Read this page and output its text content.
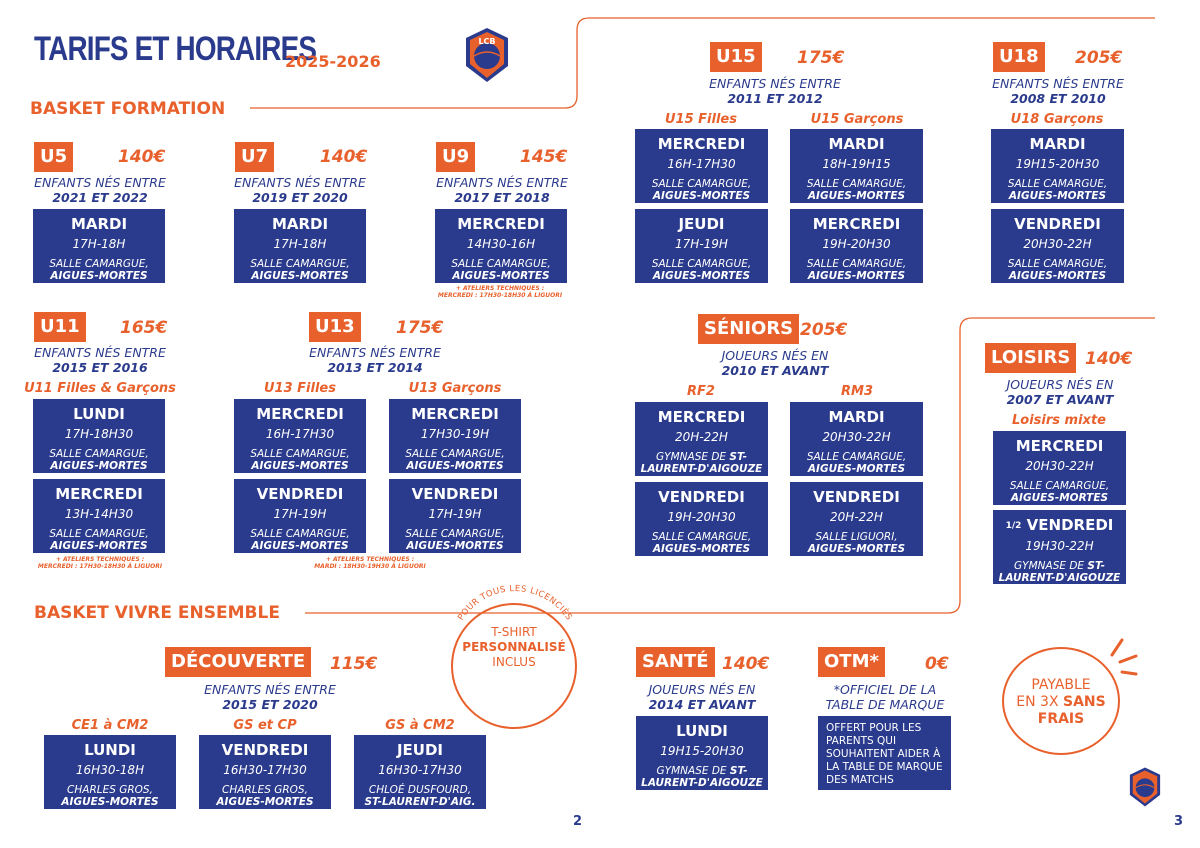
TARIFS ET HORAIRES
2025-2026
LCB
BASKET FORMATION
U5	140€
ENFANTS NÉS ENTRE
2021 ET 2022
MARDI
17H-18H
SALLE CAMARGUE,
AIGUES-MORTES
U7	140€
ENFANTS NÉS ENTRE
2019 ET 2020
MARDI
17H-18H
SALLE CAMARGUE,
AIGUES-MORTES
U9	145€
ENFANTS NÉS ENTRE
2017 ET 2018
MERCREDI
14H30-16H
SALLE CAMARGUE,
AIGUES-MORTES
+ ATELIERS TECHNIQUES :
MERCREDI : 17H30-18H30 À LIGUORI
U11	165€
ENFANTS NÉS ENTRE
2015 ET 2016
U11 Filles & Garçons
LUNDI
17H-18H30
SALLE CAMARGUE,
AIGUES-MORTES
MERCREDI
13H-14H30
SALLE CAMARGUE,
AIGUES-MORTES
+ ATELIERS TECHNIQUES :
MERCREDI : 17H30-18H30 À LIGUORI
U13	175€
ENFANTS NÉS ENTRE
2013 ET 2014
U13 Filles	U13 Garçons
MERCREDI
16H-17H30
SALLE CAMARGUE,
AIGUES-MORTES
MERCREDI
17H30-19H
SALLE CAMARGUE,
AIGUES-MORTES
VENDREDI
17H-19H
SALLE CAMARGUE,
AIGUES-MORTES
VENDREDI
17H-19H
SALLE CAMARGUE,
AIGUES-MORTES
+ ATELIERS TECHNIQUES :
MARDI : 18H30-19H30 À LIGUORI
U15	175€
ENFANTS NÉS ENTRE
2011 ET 2012
U15 Filles	U15 Garçons
MERCREDI
16H-17H30
SALLE CAMARGUE,
AIGUES-MORTES
MARDI
18H-19H15
SALLE CAMARGUE,
AIGUES-MORTES
JEUDI
17H-19H
SALLE CAMARGUE,
AIGUES-MORTES
MERCREDI
19H-20H30
SALLE CAMARGUE,
AIGUES-MORTES
U18	205€
ENFANTS NÉS ENTRE
2008 ET 2010
U18 Garçons
MARDI
19H15-20H30
SALLE CAMARGUE,
AIGUES-MORTES
VENDREDI
20H30-22H
SALLE CAMARGUE,
AIGUES-MORTES
SÉNIORS 205€
JOUEURS NÉS EN
2010 ET AVANT
RF2	RM3
MERCREDI
20H-22H
GYMNASE DE ST-
LAURENT-D'AIGOUZE
MARDI
20H30-22H
SALLE CAMARGUE,
AIGUES-MORTES
VENDREDI
19H-20H30
SALLE CAMARGUE,
AIGUES-MORTES
VENDREDI
20H-22H
SALLE LIGUORI,
AIGUES-MORTES
LOISIRS 140€
JOUEURS NÉS EN
2007 ET AVANT
Loisirs mixte
MERCREDI
20H30-22H
SALLE CAMARGUE,
AIGUES-MORTES
1/2 VENDREDI
19H30-22H
GYMNASE DE ST-
LAURENT-D'AIGOUZE
BASKET VIVRE ENSEMBLE	POUR TOUS LES LICENCIÉS
T-SHIRT
PERSONNALISÉ
INCLUS
DÉCOUVERTE	115€
ENFANTS NÉS ENTRE
2015 ET 2020
CE1 à CM2	GS et CP	GS à CM2
LUNDI
16H30-18H
CHARLES GROS,
AIGUES-MORTES
VENDREDI
16H30-17H30
CHARLES GROS,
AIGUES-MORTES
JEUDI
16H30-17H30
CHLOÉ DUSFOURD,
ST-LAURENT-D'AIG.
SANTÉ 140€
JOUEURS NÉS EN
2014 ET AVANT
LUNDI
19H15-20H30
GYMNASE DE ST-
LAURENT-D'AIGOUZE
OTM*	0€
*OFFICIEL DE LA
TABLE DE MARQUE
OFFERT POUR LES PARENTS QUI SOUHAITENT AIDER À LA TABLE DE MARQUE DES MATCHS
PAYABLE
EN 3X SANS
FRAIS
2	3
